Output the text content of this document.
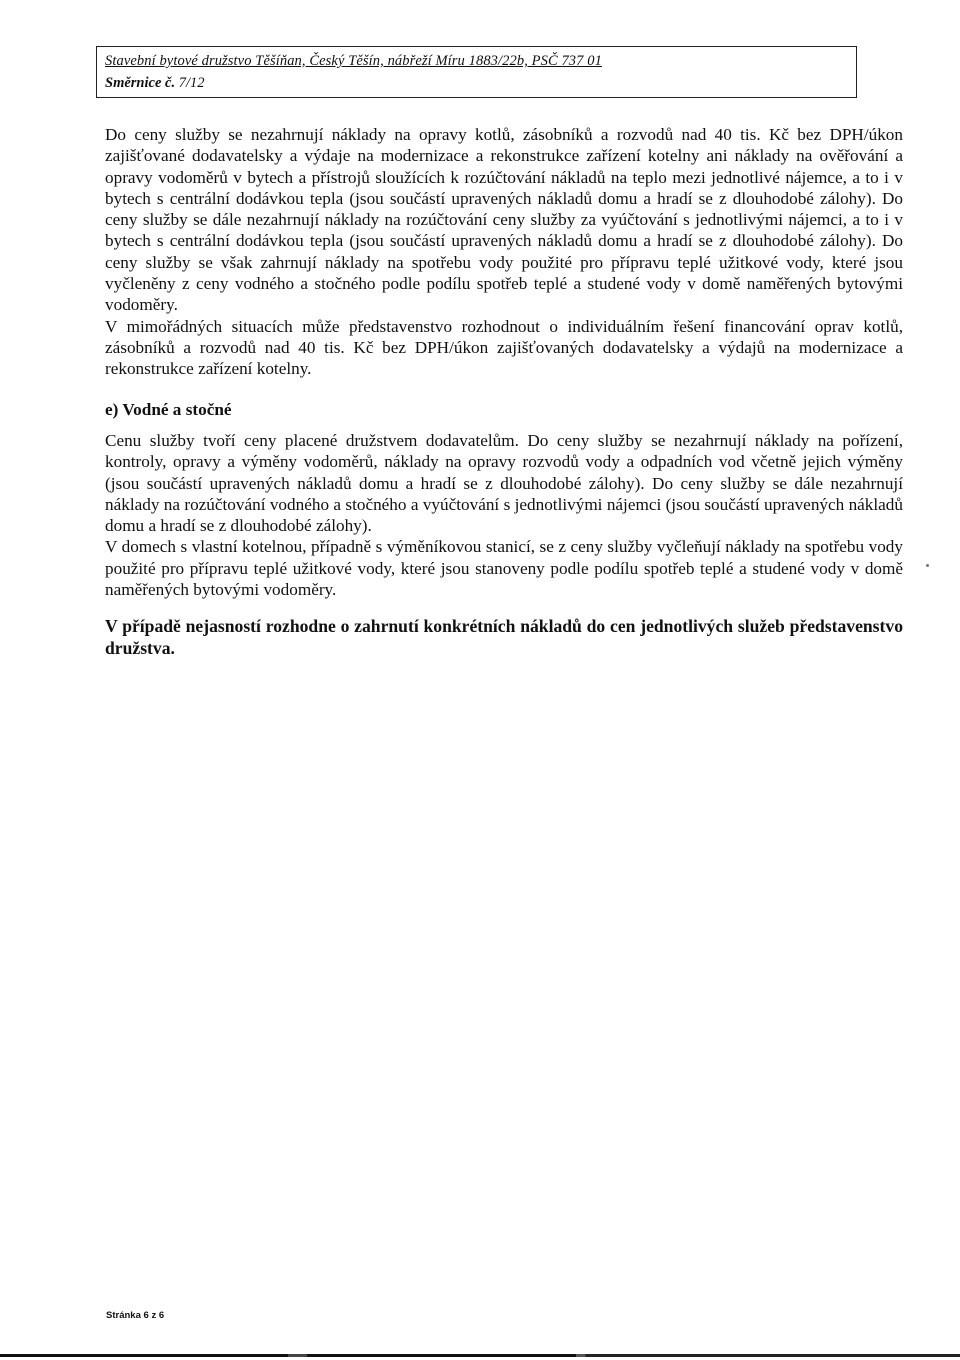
Stavební bytové družstvo Těšíňan, Český Těšín, nábřeží Míru 1883/22b, PSČ 737 01
Směrnice č. 7/12

Do ceny služby se nezahrnují náklady na opravy kotlů, zásobníků a rozvodů nad 40 tis. Kč bez DPH/úkon zajišťované dodavatelsky a výdaje na modernizace a rekonstrukce zařízení kotelny ani náklady na ověřování a opravy vodoměrů v bytech a přístrojů sloužících k rozúčtování nákladů na teplo mezi jednotlivé nájemce, a to i v bytech s centrální dodávkou tepla (jsou součástí upravených nákladů domu a hradí se z dlouhodobé zálohy). Do ceny služby se dále nezahrnují náklady na rozúčtování ceny služby za vyúčtování s jednotlivými nájemci, a to i v bytech s centrální dodávkou tepla (jsou součástí upravených nákladů domu a hradí se z dlouhodobé zálohy). Do ceny služby se však zahrnují náklady na spotřebu vody použité pro přípravu teplé užitkové vody, které jsou vyčleněny z ceny vodného a stočného podle podílu spotřeb teplé a studené vody v domě naměřených bytovými vodoměry.

V mimořádných situacích může představenstvo rozhodnout o individuálním řešení financování oprav kotlů, zásobníků a rozvodů nad 40 tis. Kč bez DPH/úkon zajišťovaných dodavatelsky a výdajů na modernizace a rekonstrukce zařízení kotelny.

e) Vodné a stočné

Cenu služby tvoří ceny placené družstvem dodavatelům. Do ceny služby se nezahrnují náklady na pořízení, kontroly, opravy a výměny vodoměrů, náklady na opravy rozvodů vody a odpadních vod včetně jejich výměny (jsou součástí upravených nákladů domu a hradí se z dlouhodobé zálohy). Do ceny služby se dále nezahrnují náklady na rozúčtování vodného a stočného a vyúčtování s jednotlivými nájemci (jsou součástí upravených nákladů domu a hradí se z dlouhodobé zálohy).

V domech s vlastní kotelnou, případně s výměníkovou stanicí, se z ceny služby vyčleňují náklady na spotřebu vody použité pro přípravu teplé užitkové vody, které jsou stanoveny podle podílu spotřeb teplé a studené vody v domě naměřených bytovými vodoměry.

V případě nejasností rozhodne o zahrnutí konkrétních nákladů do cen jednotlivých služeb představenstvo družstva.

Stránka 6 z 6
